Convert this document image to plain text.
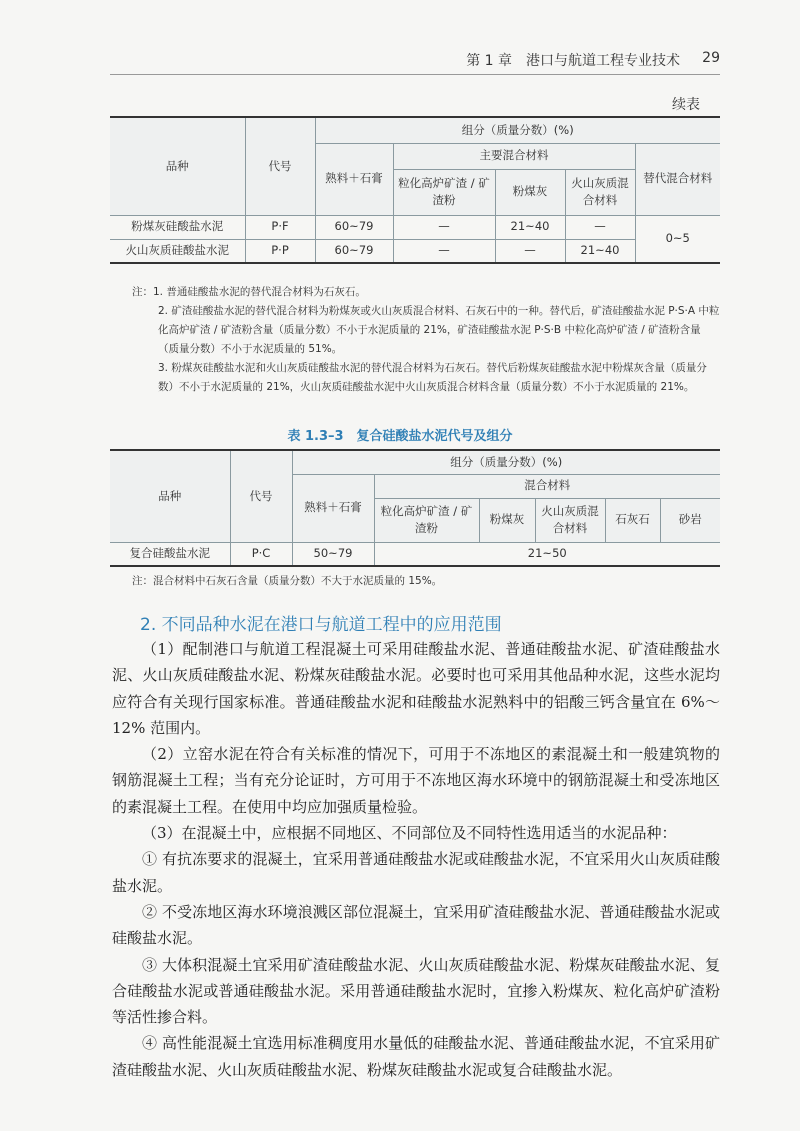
第 1 章　港口与航道工程专业技术 29
续表
品种	代号	组分（质量分数）(%)				
		熟料＋石膏	主要混合材料			替代混合材料
			粒化高炉矿渣 / 矿渣粉	粉煤灰	火山灰质混合材料	
粉煤灰硅酸盐水泥	P·F	60~79	—	21~40	—	0~5
火山灰质硅酸盐水泥	P·P	60~79	—	—	21~40	

注：1. 普通硅酸盐水泥的替代混合材料为石灰石。

2. 矿渣硅酸盐水泥的替代混合材料为粉煤灰或火山灰质混合材料、石灰石中的一种。替代后，矿渣硅酸盐水泥 P·S·A 中粒化高炉矿渣 / 矿渣粉含量（质量分数）不小于水泥质量的 21%，矿渣硅酸盐水泥 P·S·B 中粒化高炉矿渣 / 矿渣粉含量（质量分数）不小于水泥质量的 51%。

3. 粉煤灰硅酸盐水泥和火山灰质硅酸盐水泥的替代混合材料为石灰石。替代后粉煤灰硅酸盐水泥中粉煤灰含量（质量分数）不小于水泥质量的 21%，火山灰质硅酸盐水泥中火山灰质混合材料含量（质量分数）不小于水泥质量的 21%。

表 1.3–3　复合硅酸盐水泥代号及组分
品种	代号	组分（质量分数）(%)					
		熟料＋石膏	混合材料				
			粒化高炉矿渣 / 矿渣粉	粉煤灰	火山灰质混合材料	石灰石	砂岩
复合硅酸盐水泥	P·C	50~79	21~50				

注：混合材料中石灰石含量（质量分数）不大于水泥质量的 15%。

2. 不同品种水泥在港口与航道工程中的应用范围

（1）配制港口与航道工程混凝土可采用硅酸盐水泥、普通硅酸盐水泥、矿渣硅酸盐水泥、火山灰质硅酸盐水泥、粉煤灰硅酸盐水泥。必要时也可采用其他品种水泥，这些水泥均应符合有关现行国家标准。普通硅酸盐水泥和硅酸盐水泥熟料中的铝酸三钙含量宜在 6%～12% 范围内。

（2）立窑水泥在符合有关标准的情况下，可用于不冻地区的素混凝土和一般建筑物的钢筋混凝土工程；当有充分论证时，方可用于不冻地区海水环境中的钢筋混凝土和受冻地区的素混凝土工程。在使用中均应加强质量检验。

（3）在混凝土中，应根据不同地区、不同部位及不同特性选用适当的水泥品种：

① 有抗冻要求的混凝土，宜采用普通硅酸盐水泥或硅酸盐水泥，不宜采用火山灰质硅酸盐水泥。

② 不受冻地区海水环境浪溅区部位混凝土，宜采用矿渣硅酸盐水泥、普通硅酸盐水泥或硅酸盐水泥。

③ 大体积混凝土宜采用矿渣硅酸盐水泥、火山灰质硅酸盐水泥、粉煤灰硅酸盐水泥、复合硅酸盐水泥或普通硅酸盐水泥。采用普通硅酸盐水泥时，宜掺入粉煤灰、粒化高炉矿渣粉等活性掺合料。

④ 高性能混凝土宜选用标准稠度用水量低的硅酸盐水泥、普通硅酸盐水泥，不宜采用矿渣硅酸盐水泥、火山灰质硅酸盐水泥、粉煤灰硅酸盐水泥或复合硅酸盐水泥。
